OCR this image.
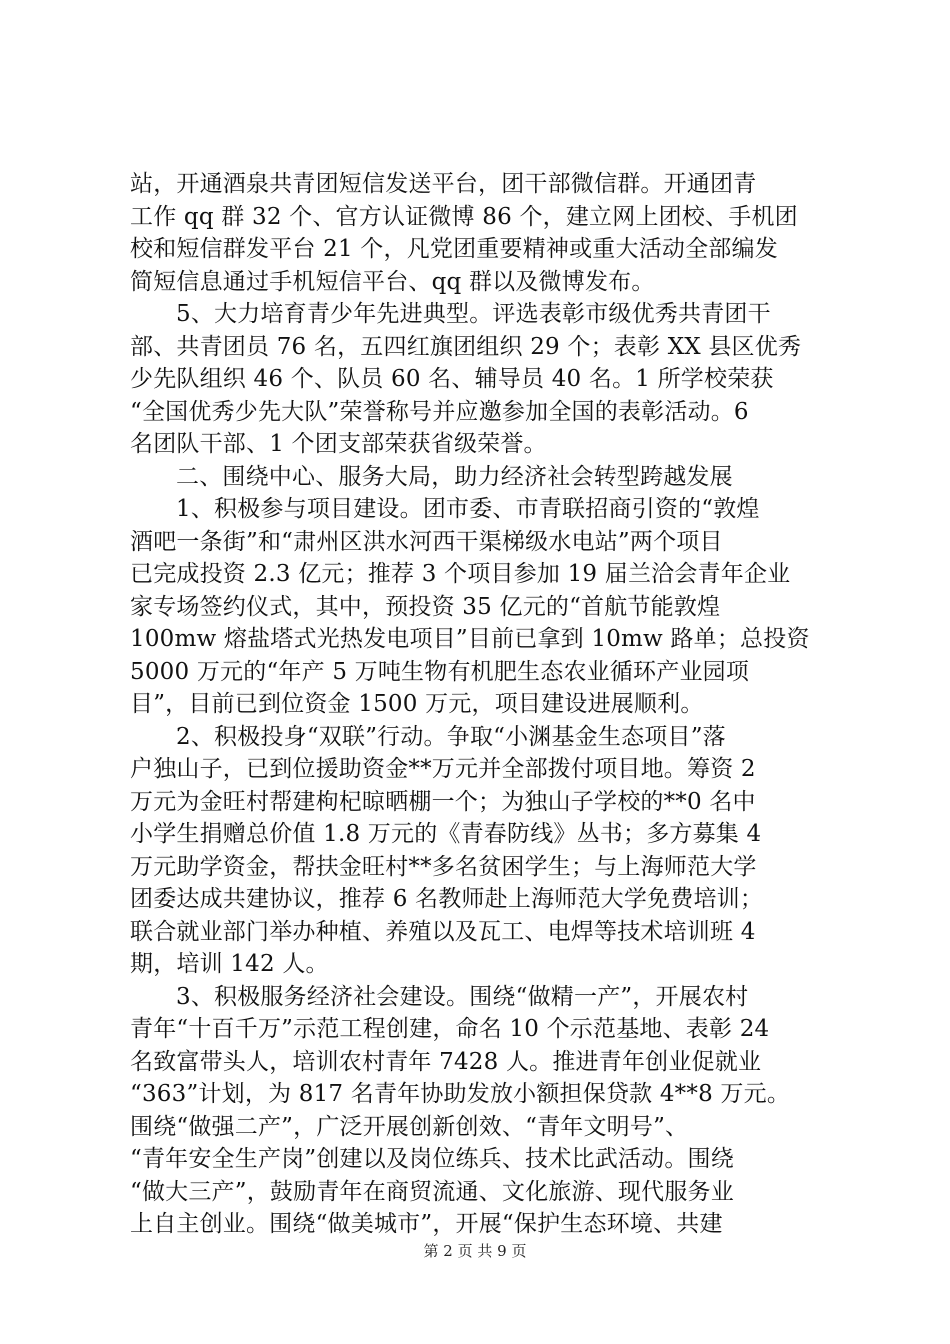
站，开通酒泉共青团短信发送平台，团干部微信群。开通团青
工作 qq 群 32 个、官方认证微博 86 个，建立网上团校、手机团
校和短信群发平台 21 个，凡党团重要精神或重大活动全部编发
简短信息通过手机短信平台、qq 群以及微博发布。
5、大力培育青少年先进典型。评选表彰市级优秀共青团干
部、共青团员 76 名，五四红旗团组织 29 个；表彰 XX 县区优秀
少先队组织 46 个、队员 60 名、辅导员 40 名。1 所学校荣获
“全国优秀少先大队”荣誉称号并应邀参加全国的表彰活动。6
名团队干部、1 个团支部荣获省级荣誉。
二、围绕中心、服务大局，助力经济社会转型跨越发展
1、积极参与项目建设。团市委、市青联招商引资的“敦煌
酒吧一条街”和“肃州区洪水河西干渠梯级水电站”两个项目
已完成投资 2.3 亿元；推荐 3 个项目参加 19 届兰洽会青年企业
家专场签约仪式，其中，预投资 35 亿元的“首航节能敦煌
100mw 熔盐塔式光热发电项目”目前已拿到 10mw 路单；总投资
5000 万元的“年产 5 万吨生物有机肥生态农业循环产业园项
目”，目前已到位资金 1500 万元，项目建设进展顺利。
2、积极投身“双联”行动。争取“小渊基金生态项目”落
户独山子，已到位援助资金**万元并全部拨付项目地。筹资 2
万元为金旺村帮建枸杞晾晒棚一个；为独山子学校的**0 名中
小学生捐赠总价值 1.8 万元的《青春防线》丛书；多方募集 4
万元助学资金，帮扶金旺村**多名贫困学生；与上海师范大学
团委达成共建协议，推荐 6 名教师赴上海师范大学免费培训；
联合就业部门举办种植、养殖以及瓦工、电焊等技术培训班 4
期，培训 142 人。
3、积极服务经济社会建设。围绕“做精一产”，开展农村
青年“十百千万”示范工程创建，命名 10 个示范基地、表彰 24
名致富带头人，培训农村青年 7428 人。推进青年创业促就业
“363”计划，为 817 名青年协助发放小额担保贷款 4**8 万元。
围绕“做强二产”，广泛开展创新创效、“青年文明号”、
“青年安全生产岗”创建以及岗位练兵、技术比武活动。围绕
“做大三产”，鼓励青年在商贸流通、文化旅游、现代服务业
上自主创业。围绕“做美城市”，开展“保护生态环境、共建
第 2 页 共 9 页
